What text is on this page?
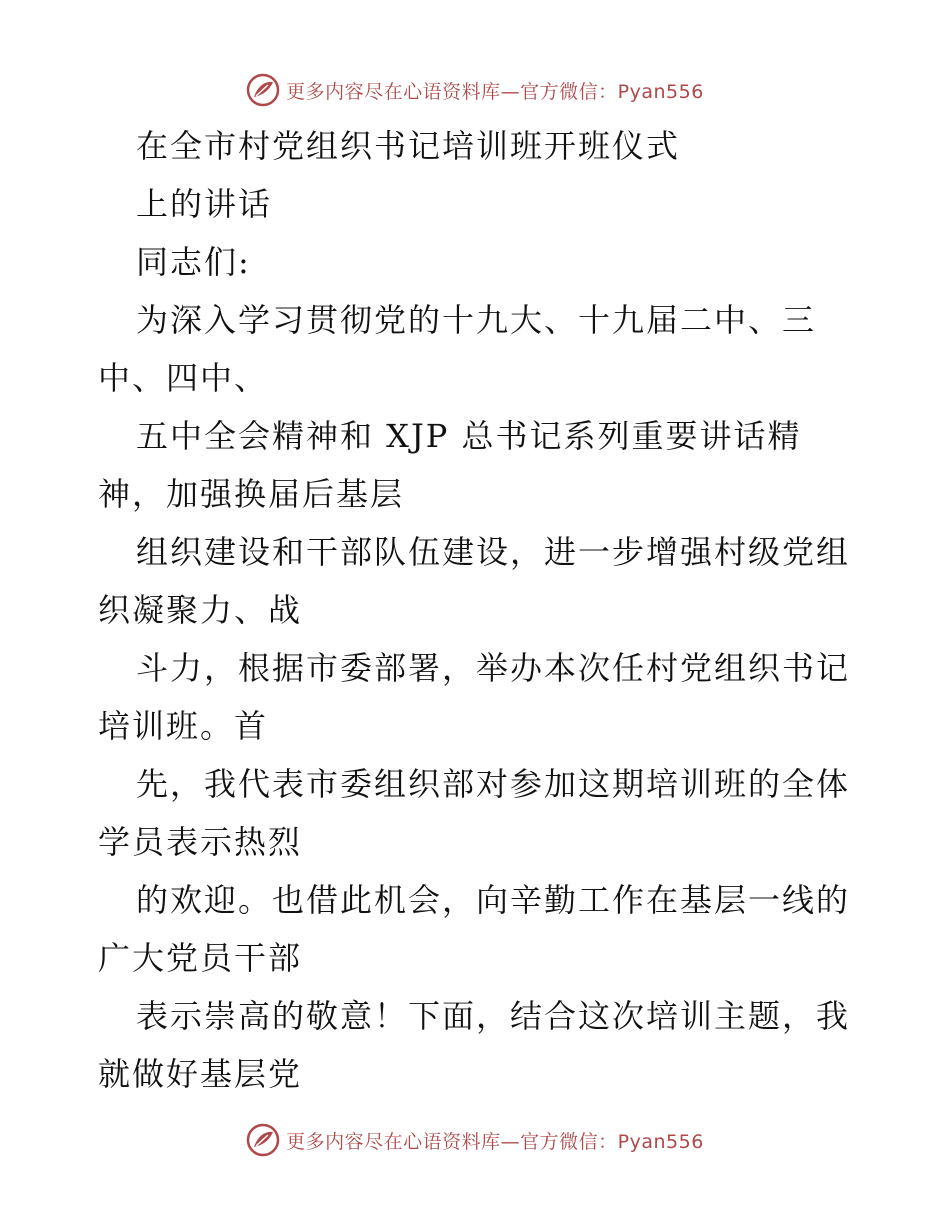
更多内容尽在心语资料库—官方微信：Pyan556
在全市村党组织书记培训班开班仪式
上的讲话
同志们:
为深入学习贯彻党的十九大、十九届二中、三
中、四中、
五中全会精神和 XJP 总书记系列重要讲话精
神，加强换届后基层
组织建设和干部队伍建设，进一步增强村级党组
织凝聚力、战
斗力，根据市委部署，举办本次任村党组织书记
培训班。首
先，我代表市委组织部对参加这期培训班的全体
学员表示热烈
的欢迎。也借此机会，向辛勤工作在基层一线的
广大党员干部
表示崇高的敬意！下面，结合这次培训主题，我
就做好基层党
更多内容尽在心语资料库—官方微信：Pyan556
